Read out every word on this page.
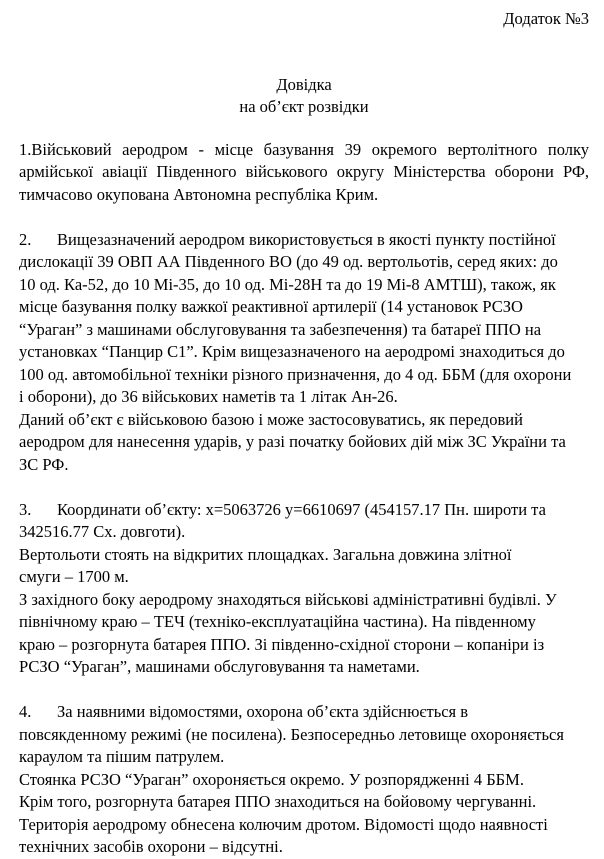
Додаток №3
Довідка
на об’єкт розвідки
1.Військовий аеродром - місце базування 39 окремого вертолітного полку
армійської авіації Південного військового округу Міністерства оборони РФ,
тимчасово окупована Автономна республіка Крим.
2. Вищезазначений аеродром використовується в якості пункту постійної
дислокації 39 ОВП АА Південного ВО (до 49 од. вертольотів, серед яких: до
10 од. Ка-52, до 10 Мі-35, до 10 од. Мі-28Н та до 19 Мі-8 АМТШ), також, як
місце базування полку важкої реактивної артилерії (14 установок РСЗО
“Ураган” з машинами обслуговування та забезпечення) та батареї ППО на
установках “Панцир С1”. Крім вищезазначеного на аеродромі знаходиться до
100 од. автомобільної техніки різного призначення, до 4 од. ББМ (для охорони
і оборони), до 36 військових наметів та 1 літак Ан-26.
Даний об’єкт є військовою базою і може застосовуватись, як передовий
аеродром для нанесення ударів, у разі початку бойових дій між ЗС України та
ЗС РФ.
3. Координати об’єкту: x=5063726 y=6610697 (454157.17 Пн. широти та
342516.77 Сх. довготи).
Вертольоти стоять на відкритих площадках. Загальна довжина злітної
смуги – 1700 м.
З західного боку аеродрому знаходяться військові адміністративні будівлі. У
північному краю – ТЕЧ (техніко-експлуатаційна частина). На південному
краю – розгорнута батарея ППО. Зі південно-східної сторони – копаніри із
РСЗО “Ураган”, машинами обслуговування та наметами.
4. За наявними відомостями, охорона об’єкта здійснюється в
повсякденному режимі (не посилена). Безпосередньо летовище охороняється
караулом та пішим патрулем.
Стоянка РСЗО “Ураган” охороняється окремо. У розпорядженні 4 ББМ.
Крім того, розгорнута батарея ППО знаходиться на бойовому чергуванні.
Територія аеродрому обнесена колючим дротом. Відомості щодо наявності
технічних засобів охорони – відсутні.
